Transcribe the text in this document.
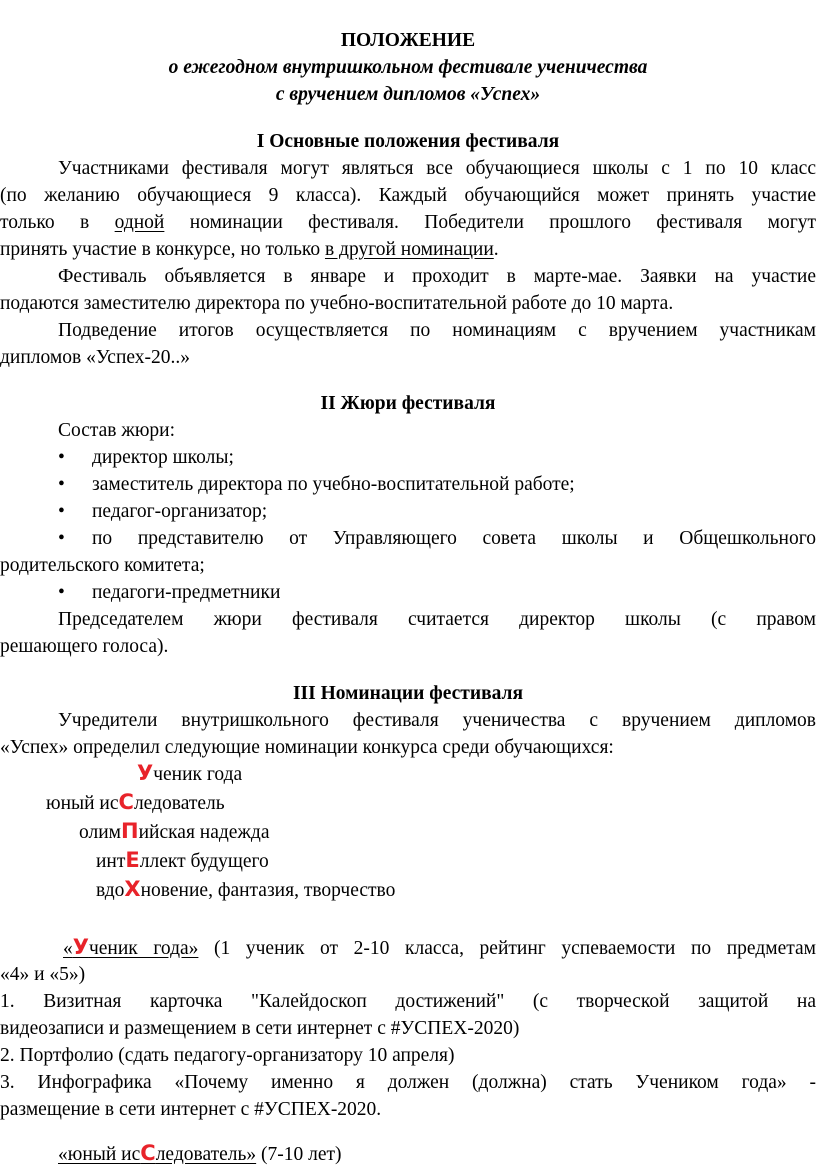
ПОЛОЖЕНИЕ
о ежегодном внутришкольном фестивале ученичества
с вручением дипломов «Успех»
I Основные положения фестиваля
Участниками фестиваля могут являться все обучающиеся школы с 1 по 10 класс
(по желанию обучающиеся 9 класса). Каждый обучающийся может принять участие
только в одной номинации фестиваля. Победители прошлого фестиваля могут
принять участие в конкурсе, но только в другой номинации.
Фестиваль объявляется в январе и проходит в марте-мае. Заявки на участие
подаются заместителю директора по учебно-воспитательной работе до 10 марта.
Подведение итогов осуществляется по номинациям с вручением участникам
дипломов «Успех-20..»
II Жюри фестиваля
Состав жюри:
• директор школы;
• заместитель директора по учебно-воспитательной работе;
• педагог-организатор;
• по представителю от Управляющего совета школы и Общешкольного
родительского комитета;
• педагоги-предметники
Председателем жюри фестиваля считается директор школы (с правом
решающего голоса).
III Номинации фестиваля
Учредители внутришкольного фестиваля ученичества с вручением дипломов
«Успех» определил следующие номинации конкурса среди обучающихся:
Ученик года
юный исСледователь
олимПийская надежда
интЕллект будущего
вдоХновение, фантазия, творчество
«Ученик года» (1 ученик от 2-10 класса, рейтинг успеваемости по предметам
«4» и «5»)
1. Визитная карточка "Калейдоскоп достижений" (с творческой защитой на
видеозаписи и размещением в сети интернет с #УСПЕХ-2020)
2. Портфолио (сдать педагогу-организатору 10 апреля)
3. Инфографика «Почему именно я должен (должна) стать Учеником года» -
размещение в сети интернет с #УСПЕХ-2020.
«юный исСледователь» (7-10 лет)
